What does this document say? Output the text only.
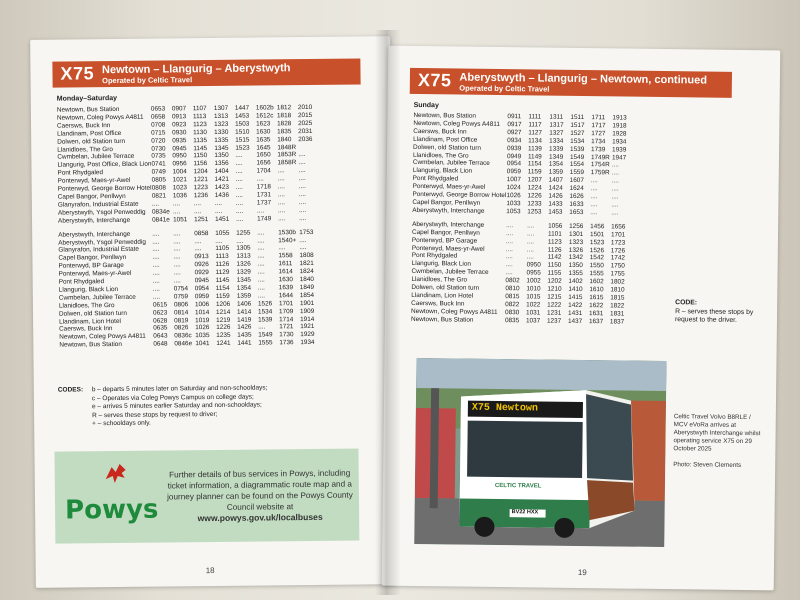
X75 Newtown – Llangurig – Aberystwyth
Operated by Celtic Travel
Monday–Saturday
Newtown, Bus Station	0653	0907	1107	1307	1447	1602b	1812	2010
Newtown, Coleg Powys A4811	0658	0913	1113	1313	1453	1612c	1818	2015
Caersws, Buck Inn	0708	0923	1123	1323	1503	1623	1828	2025
Llandinam, Post Office	0715	0930	1130	1330	1510	1630	1835	2031
Dolwen, old Station turn	0720	0935	1135	1335	1515	1635	1840	2036
Llanidloes, The Gro	0730	0945	1145	1345	1523	1645	1848R	
Cwmbelan, Jubilee Terrace	0735	0950	1150	1350	....	1650	1853R	....
Llangurig, Post Office, Black Lion	0741	0956	1156	1356	....	1656	1858R	....
Pont Rhydgaled	0749	1004	1204	1404	....	1704	....	....
Ponterwyd, Maes-yr-Awel	0805	1021	1221	1421	....	....	....	....
Ponterwyd, George Borrow Hotel	0808	1023	1223	1423	....	1718	....	....
Capel Bangor, Penllwyn	0821	1036	1236	1436	....	1731	....	....
Glanyrafon, Industrial Estate	....	....	....	....	....	1737	....	....
Aberystwyth, Ysgol Penweddig	0834e	....	....	....	....	....	....	....
Aberystwyth, Interchange	0841e	1051	1251	1451	....	1749	....	....

Aberystwyth, Interchange	....	....	0858	1055	1255	....	1530b	1753
Aberystwyth, Ysgol Penweddig	....	....	....	....	....	....	1540+	....
Glanyrafon, Industrial Estate	....	....	....	1105	1305	....	....	....
Capel Bangor, Penllwyn	....	....	0913	1113	1313	....	1558	1808
Ponterwyd, BP Garage	....	....	0926	1126	1326	....	1611	1821
Ponterwyd, Maes-yr-Awel	....	....	0929	1129	1329	....	1614	1824
Pont Rhydgaled	....	....	0945	1145	1345	....	1630	1840
Llangurig, Black Lion	....	0754	0954	1154	1354	....	1639	1849
Cwmbelan, Jubilee Terrace	....	0759	0959	1159	1359	....	1644	1854
Llanidloes, The Gro	0615	0806	1006	1206	1406	1526	1701	1901
Dolwen, old Station turn	0623	0814	1014	1214	1414	1534	1709	1909
Llandinam, Lion Hotel	0628	0819	1019	1219	1419	1539	1714	1914
Caersws, Buck Inn	0635	0826	1026	1226	1426	....	1721	1921
Newtown, Coleg Powys A4811	0643	0836c	1035	1235	1435	1549	1730	1929
Newtown, Bus Station	0648	0846e	1041	1241	1441	1555	1736	1934
CODES:	b – departs 5 minutes later on Saturday and non-schooldays;
c – Operates via Coleg Powys Campus on college days;
e – arrives 5 minutes earlier Saturday and non-schooldays;
R – serves these stops by request to driver;
+ – schooldays only.
Powys
Further details of bus services in Powys, including ticket information, a diagrammatic route map and a journey planner can be found on the Powys County Council website at
www.powys.gov.uk/localbuses
18
X75 Aberystwyth – Llangurig – Newtown, continued
Operated by Celtic Travel
Sunday
Newtown, Bus Station	0911	1111	1311	1511	1711	1913
Newtown, Coleg Powys A4811	0917	1117	1317	1517	1717	1918
Caersws, Buck Inn	0927	1127	1327	1527	1727	1928
Llandinam, Post Office	0934	1134	1334	1534	1734	1934
Dolwen, old Station turn	0939	1139	1339	1539	1739	1939
Llanidloes, The Gro	0949	1149	1349	1549	1749R	1947
Cwmbelan, Jubilee Terrace	0954	1154	1354	1554	1754R	....
Llangurig, Black Lion	0959	1159	1359	1559	1759R	....
Pont Rhydgaled	1007	1207	1407	1607	....	....
Ponterwyd, Maes-yr-Awel	1024	1224	1424	1624	....	....
Ponterwyd, George Borrow Hotel	1026	1226	1426	1626	....	....
Capel Bangor, Penllwyn	1033	1233	1433	1633	....	....
Aberystwyth, Interchange	1053	1253	1453	1653	....	....

Aberystwyth, Interchange	....	....	1056	1256	1456	1656
Capel Bangor, Penllwyn	....	....	1101	1301	1501	1701
Ponterwyd, BP Garage	....	....	1123	1323	1523	1723
Ponterwyd, Maes-yr-Awel	....	....	1126	1326	1526	1726
Pont Rhydgaled	....	....	1142	1342	1542	1742
Llangurig, Black Lion	....	0950	1150	1350	1550	1750
Cwmbelan, Jubilee Terrace	....	0955	1155	1355	1555	1755
Llanidloes, The Gro	0802	1002	1202	1402	1602	1802
Dolwen, old Station turn	0810	1010	1210	1410	1610	1810
Llandinam, Lion Hotel	0815	1015	1215	1415	1615	1815
Caersws, Buck Inn	0822	1022	1222	1422	1622	1822
Newtown, Coleg Powys A4811	0830	1031	1231	1431	1631	1831
Newtown, Bus Station	0835	1037	1237	1437	1637	1837
CODE:
R – serves these stops by request to the driver.
X75 Newtown
CELTIC TRAVEL
BV22 HXX
Celtic Travel Volvo B8RLE / MCV eVoRa arrives at Aberystwyth Interchange whilst operating service X75 on 29 October 2025
Photo: Steven Clements
19
